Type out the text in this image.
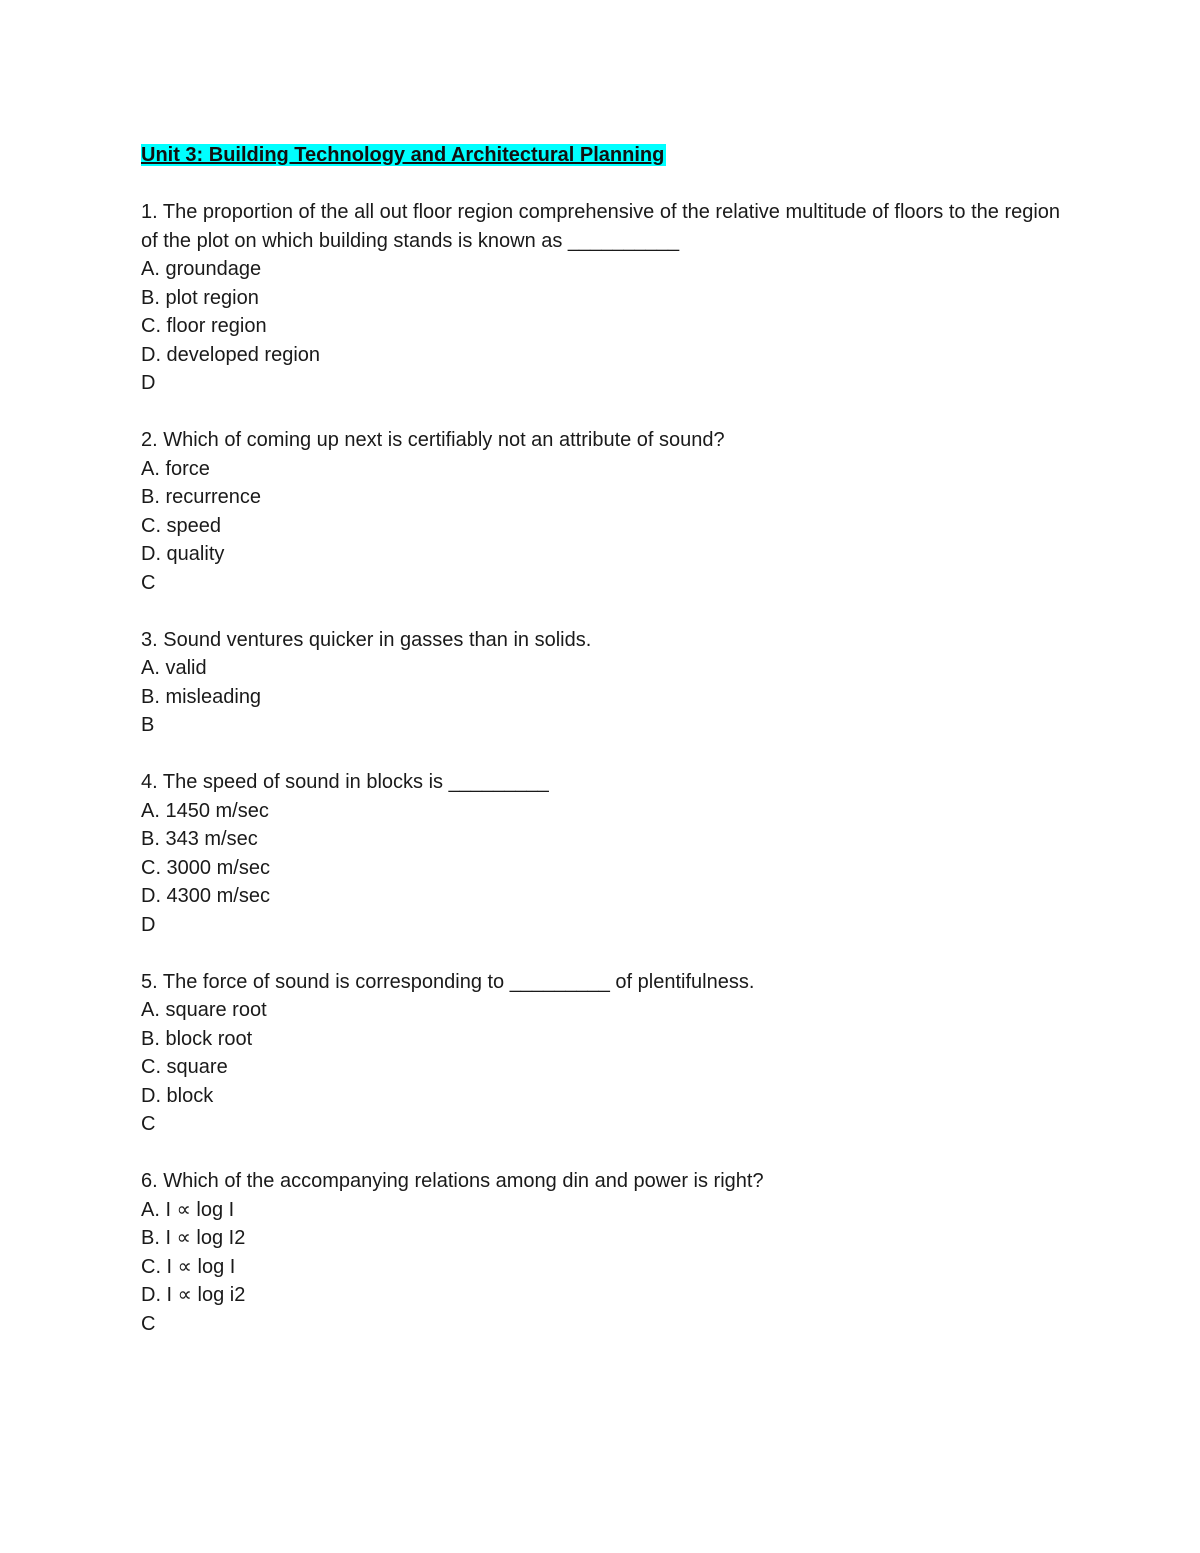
Unit 3: Building Technology and Architectural Planning

1. The proportion of the all out floor region comprehensive of the relative multitude of floors to the region of the plot on which building stands is known as __________

A. groundage

B. plot region

C. floor region

D. developed region

D

2. Which of coming up next is certifiably not an attribute of sound?

A. force

B. recurrence

C. speed

D. quality

C

3. Sound ventures quicker in gasses than in solids.

A. valid

B. misleading

B

4. The speed of sound in blocks is _________

A. 1450 m/sec

B. 343 m/sec

C. 3000 m/sec

D. 4300 m/sec

D

5. The force of sound is corresponding to _________ of plentifulness.

A. square root

B. block root

C. square

D. block

C

6. Which of the accompanying relations among din and power is right?

A. I ∝ log I

B. I ∝ log I2

C. I ∝ log I

D. I ∝ log i2

C
